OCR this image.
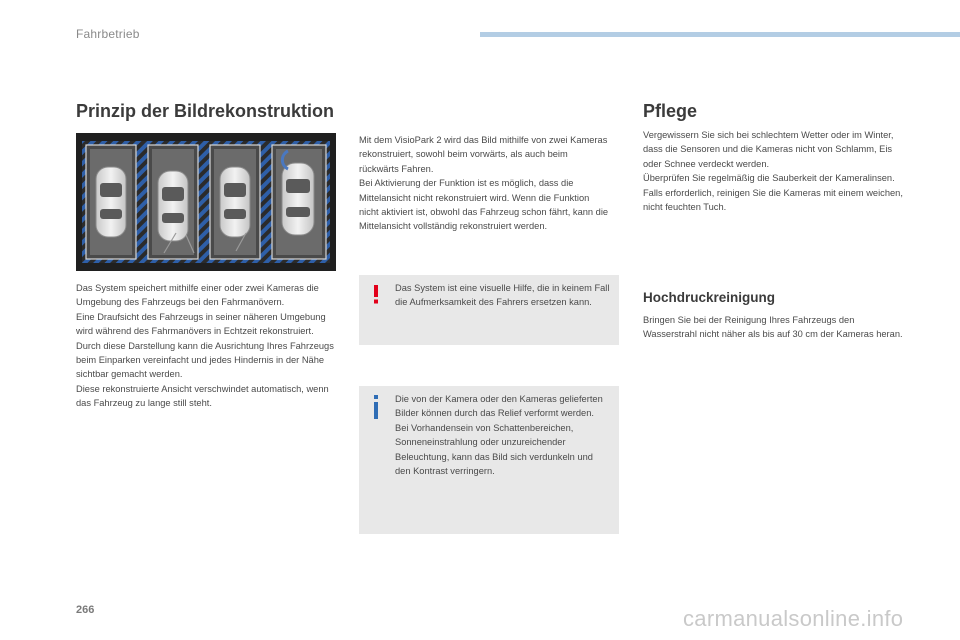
Fahrbetrieb
Prinzip der Bildrekonstruktion

Das System speichert mithilfe einer oder zwei Kameras die Umgebung des Fahrzeugs bei den Fahrmanövern.

Eine Draufsicht des Fahrzeugs in seiner näheren Umgebung wird während des Fahrmanövers in Echtzeit rekonstruiert.

Durch diese Darstellung kann die Ausrichtung Ihres Fahrzeugs beim Einparken vereinfacht und jedes Hindernis in der Nähe sichtbar gemacht werden.

Diese rekonstruierte Ansicht verschwindet automatisch, wenn das Fahrzeug zu lange still steht.

Mit dem VisioPark 2 wird das Bild mithilfe von zwei Kameras rekonstruiert, sowohl beim vorwärts, als auch beim rückwärts Fahren.

Bei Aktivierung der Funktion ist es möglich, dass die Mittelansicht nicht rekonstruiert wird. Wenn die Funktion nicht aktiviert ist, obwohl das Fahrzeug schon fährt, kann die Mittelansicht vollständig rekonstruiert werden.

Das System ist eine visuelle Hilfe, die in keinem Fall die Aufmerksamkeit des Fahrers ersetzen kann.

Die von der Kamera oder den Kameras gelieferten Bilder können durch das Relief verformt werden.

Bei Vorhandensein von Schattenbereichen, Sonneneinstrahlung oder unzureichender Beleuchtung, kann das Bild sich verdunkeln und den Kontrast verringern.

Pflege

Vergewissern Sie sich bei schlechtem Wetter oder im Winter, dass die Sensoren und die Kameras nicht von Schlamm, Eis oder Schnee verdeckt werden.

Überprüfen Sie regelmäßig die Sauberkeit der Kameralinsen.

Falls erforderlich, reinigen Sie die Kameras mit einem weichen, nicht feuchten Tuch.

Hochdruckreinigung

Bringen Sie bei der Reinigung Ihres Fahrzeugs den Wasserstrahl nicht näher als bis auf 30 cm der Kameras heran.

266	carmanualsonline.info
